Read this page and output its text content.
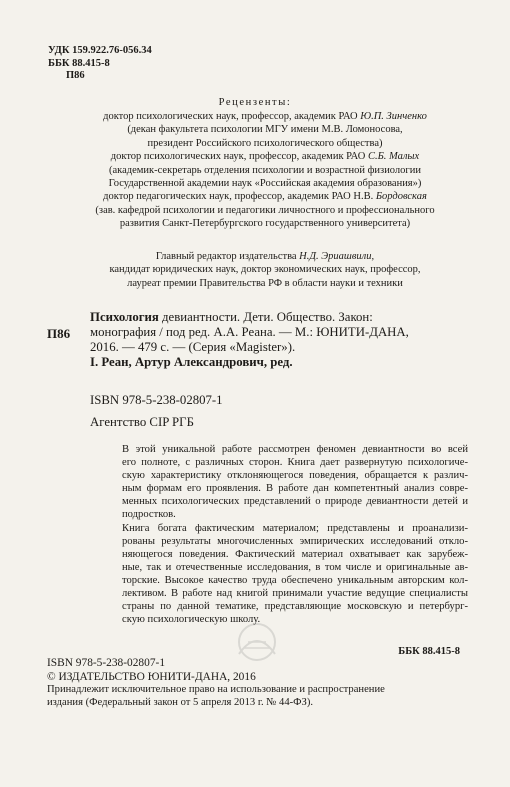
УДК 159.922.76-056.34
ББК 88.415-8
П86
Рецензенты:
доктор психологических наук, профессор, академик РАО Ю.П. Зинченко
(декан факультета психологии МГУ имени М.В. Ломоносова,
президент Российского психологического общества)
доктор психологических наук, профессор, академик РАО С.Б. Малых
(академик-секретарь отделения психологии и возрастной физиологии
Государственной академии наук «Российская академия образования»)
доктор педагогических наук, профессор, академик РАО Н.В. Бордовская
(зав. кафедрой психологии и педагогики личностного и профессионального
развития Санкт-Петербургского государственного университета)
Главный редактор издательства Н.Д. Эриашвили,
кандидат юридических наук, доктор экономических наук, профессор,
лауреат премии Правительства РФ в области науки и техники
П86
Психология девиантности. Дети. Общество. Закон:
монография / под ред. А.А. Реана. — М.: ЮНИТИ-ДАНА,
2016. — 479 с. — (Серия «Magister»).
I. Реан, Артур Александрович, ред.
ISBN 978-5-238-02807-1
Агентство CIP РГБ

В этой уникальной работе рассмотрен феномен девиантности во всей
его полноте, с различных сторон. Книга дает развернутую психологиче-
скую характеристику отклоняющегося поведения, обращается к различ-
ным формам его проявления. В работе дан компетентный анализ совре-
менных психологических представлений о природе девиантности детей и
подростков.

Книга богата фактическим материалом; представлены и проанализи-
рованы результаты многочисленных эмпирических исследований откло-
няющегося поведения. Фактический материал охватывает как зарубеж-
ные, так и отечественные исследования, в том числе и оригинальные ав-
торские. Высокое качество труда обеспечено уникальным авторским кол-
лективом. В работе над книгой принимали участие ведущие специалисты
страны по данной тематике, представляющие московскую и петербург-
скую психологическую школу.

ББК 88.415-8
ISBN 978-5-238-02807-1
© ИЗДАТЕЛЬСТВО ЮНИТИ-ДАНА, 2016
Принадлежит исключительное право на использование и распространение
издания (Федеральный закон от 5 апреля 2013 г. № 44-ФЗ).
